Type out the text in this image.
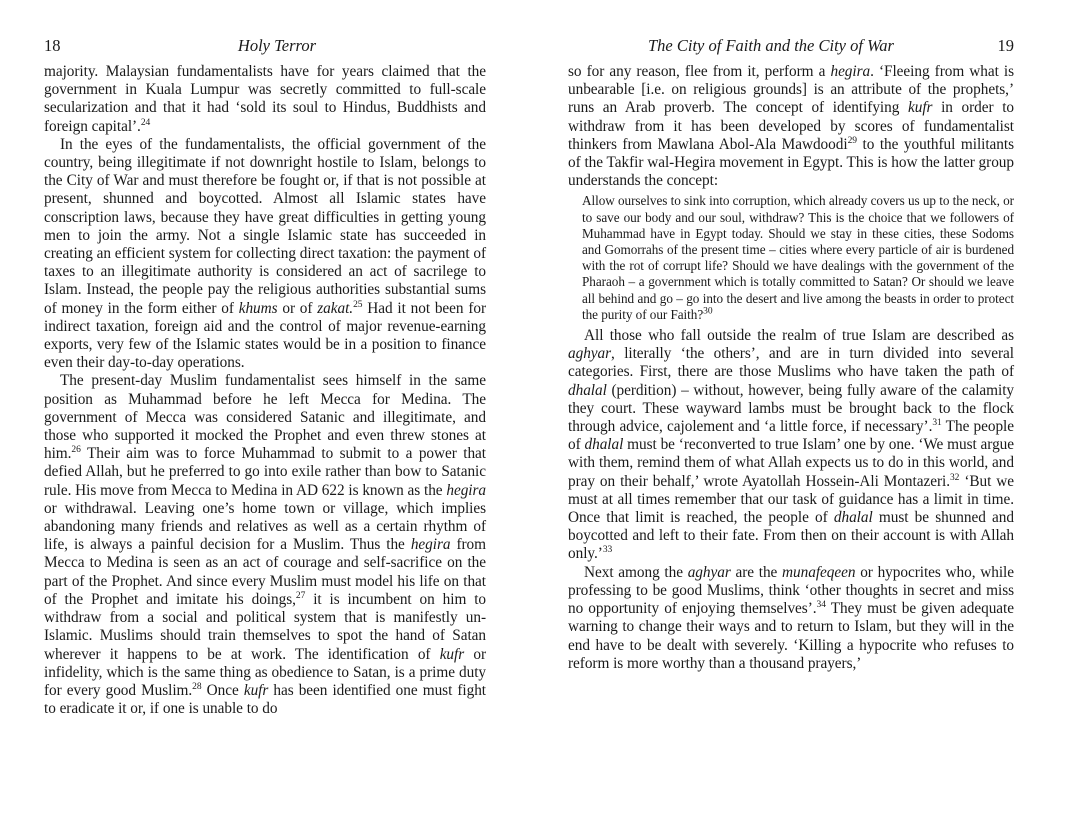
18	Holy Terror

majority. Malaysian fundamentalists have for years claimed that the government in Kuala Lumpur was secretly committed to full-scale secularization and that it had ‘sold its soul to Hindus, Buddhists and foreign capital’.$^{24}$

In the eyes of the fundamentalists, the official government of the country, being illegitimate if not downright hostile to Islam, belongs to the City of War and must therefore be fought or, if that is not possible at present, shunned and boycotted. Almost all Islamic states have conscription laws, because they have great difficulties in getting young men to join the army. Not a single Islamic state has succeeded in creating an efficient system for collecting direct taxation: the payment of taxes to an illegitimate authority is considered an act of sacrilege to Islam. Instead, the people pay the religious authorities substantial sums of money in the form either of khums or of zakat.$^{25}$ Had it not been for indirect taxation, foreign aid and the control of major revenue-earning exports, very few of the Islamic states would be in a position to finance even their day-to-day operations.

The present-day Muslim fundamentalist sees himself in the same position as Muhammad before he left Mecca for Medina. The government of Mecca was considered Satanic and illegitimate, and those who supported it mocked the Prophet and even threw stones at him.$^{26}$ Their aim was to force Muhammad to submit to a power that defied Allah, but he preferred to go into exile rather than bow to Satanic rule. His move from Mecca to Medina in AD 622 is known as the hegira or withdrawal. Leaving one’s home town or village, which implies abandoning many friends and relatives as well as a certain rhythm of life, is always a painful decision for a Muslim. Thus the hegira from Mecca to Medina is seen as an act of courage and self-sacrifice on the part of the Prophet. And since every Muslim must model his life on that of the Prophet and imitate his doings,$^{27}$ it is incumbent on him to withdraw from a social and political system that is manifestly un-Islamic. Muslims should train themselves to spot the hand of Satan wherever it happens to be at work. The identification of kufr or infidelity, which is the same thing as obedience to Satan, is a prime duty for every good Muslim.$^{28}$ Once kufr has been identified one must fight to eradicate it or, if one is unable to do

The City of Faith and the City of War	19

so for any reason, flee from it, perform a hegira. ‘Fleeing from what is unbearable [i.e. on religious grounds] is an attribute of the prophets,’ runs an Arab proverb. The concept of identifying kufr in order to withdraw from it has been developed by scores of fundamentalist thinkers from Mawlana Abol-Ala Mawdoodi$^{29}$ to the youthful militants of the Takfir wal-Hegira movement in Egypt. This is how the latter group understands the concept:

Allow ourselves to sink into corruption, which already covers us up to the neck, or to save our body and our soul, withdraw? This is the choice that we followers of Muhammad have in Egypt today. Should we stay in these cities, these Sodoms and Gomorrahs of the present time – cities where every particle of air is burdened with the rot of corrupt life? Should we have dealings with the government of the Pharaoh – a government which is totally committed to Satan? Or should we leave all behind and go – go into the desert and live among the beasts in order to protect the purity of our Faith?$^{30}$

All those who fall outside the realm of true Islam are described as aghyar, literally ‘the others’, and are in turn divided into several categories. First, there are those Muslims who have taken the path of dhalal (perdition) – without, however, being fully aware of the calamity they court. These wayward lambs must be brought back to the flock through advice, cajolement and ‘a little force, if necessary’.$^{31}$ The people of dhalal must be ‘reconverted to true Islam’ one by one. ‘We must argue with them, remind them of what Allah expects us to do in this world, and pray on their behalf,’ wrote Ayatollah Hossein-Ali Montazeri.$^{32}$ ‘But we must at all times remember that our task of guidance has a limit in time. Once that limit is reached, the people of dhalal must be shunned and boycotted and left to their fate. From then on their account is with Allah only.’$^{33}$

Next among the aghyar are the munafeqeen or hypocrites who, while professing to be good Muslims, think ‘other thoughts in secret and miss no opportunity of enjoying themselves’.$^{34}$ They must be given adequate warning to change their ways and to return to Islam, but they will in the end have to be dealt with severely. ‘Killing a hypocrite who refuses to reform is more worthy than a thousand prayers,’
